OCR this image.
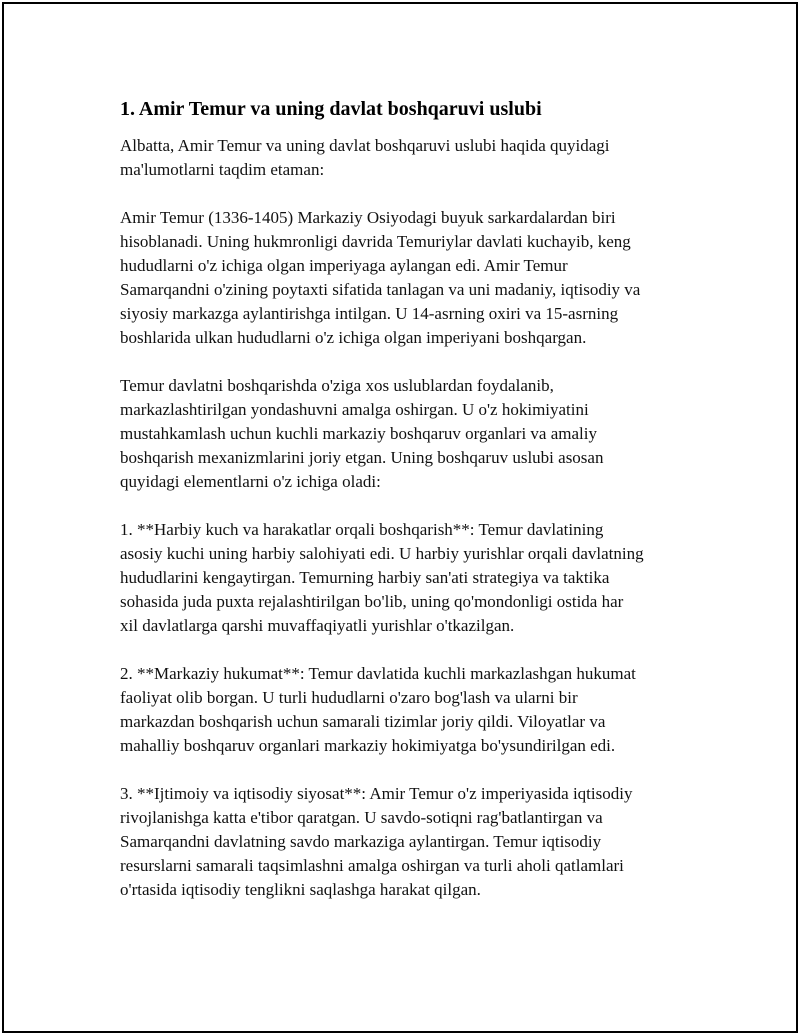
1. Amir Temur va uning davlat boshqaruvi uslubi

Albatta, Amir Temur va uning davlat boshqaruvi uslubi haqida quyidagi
ma'lumotlarni taqdim etaman:

Amir Temur (1336-1405) Markaziy Osiyodagi buyuk sarkardalardan biri
hisoblanadi. Uning hukmronligi davrida Temuriylar davlati kuchayib, keng
hududlarni o'z ichiga olgan imperiyaga aylangan edi. Amir Temur
Samarqandni o'zining poytaxti sifatida tanlagan va uni madaniy, iqtisodiy va
siyosiy markazga aylantirishga intilgan. U 14-asrning oxiri va 15-asrning
boshlarida ulkan hududlarni o'z ichiga olgan imperiyani boshqargan.

Temur davlatni boshqarishda o'ziga xos uslublardan foydalanib,
markazlashtirilgan yondashuvni amalga oshirgan. U o'z hokimiyatini
mustahkamlash uchun kuchli markaziy boshqaruv organlari va amaliy
boshqarish mexanizmlarini joriy etgan. Uning boshqaruv uslubi asosan
quyidagi elementlarni o'z ichiga oladi:

1. **Harbiy kuch va harakatlar orqali boshqarish**: Temur davlatining
asosiy kuchi uning harbiy salohiyati edi. U harbiy yurishlar orqali davlatning
hududlarini kengaytirgan. Temurning harbiy san'ati strategiya va taktika
sohasida juda puxta rejalashtirilgan bo'lib, uning qo'mondonligi ostida har
xil davlatlarga qarshi muvaffaqiyatli yurishlar o'tkazilgan.

2. **Markaziy hukumat**: Temur davlatida kuchli markazlashgan hukumat
faoliyat olib borgan. U turli hududlarni o'zaro bog'lash va ularni bir
markazdan boshqarish uchun samarali tizimlar joriy qildi. Viloyatlar va
mahalliy boshqaruv organlari markaziy hokimiyatga bo'ysundirilgan edi.

3. **Ijtimoiy va iqtisodiy siyosat**: Amir Temur o'z imperiyasida iqtisodiy
rivojlanishga katta e'tibor qaratgan. U savdo-sotiqni rag'batlantirgan va
Samarqandni davlatning savdo markaziga aylantirgan. Temur iqtisodiy
resurslarni samarali taqsimlashni amalga oshirgan va turli aholi qatlamlari
o'rtasida iqtisodiy tenglikni saqlashga harakat qilgan.
